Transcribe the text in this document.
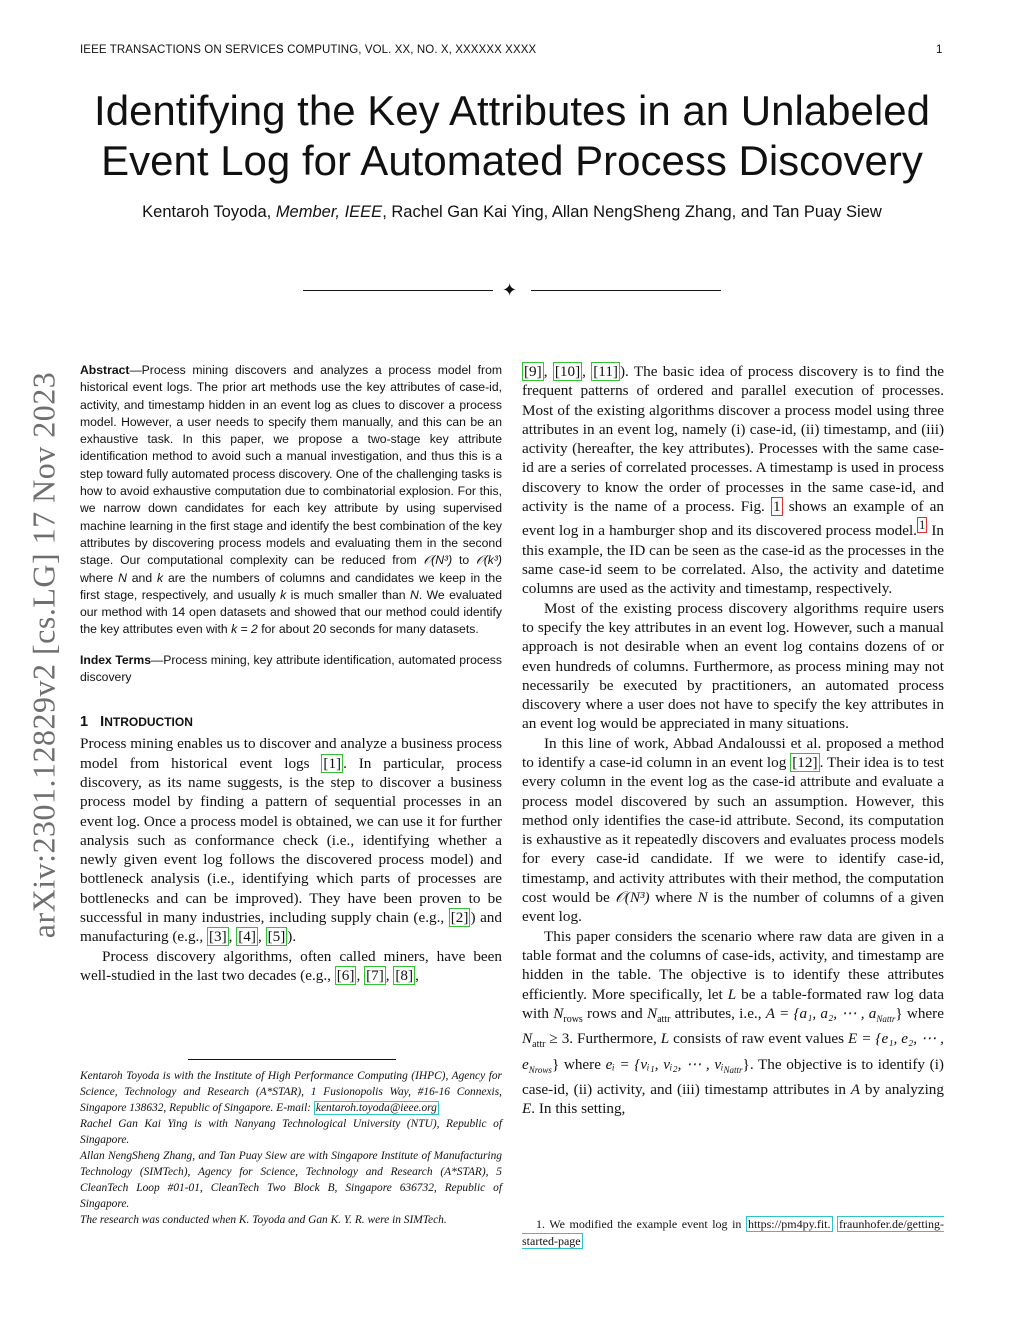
IEEE TRANSACTIONS ON SERVICES COMPUTING, VOL. XX, NO. X, XXXXXX XXXX	1
Identifying the Key Attributes in an Unlabeled
Event Log for Automated Process Discovery
Kentaroh Toyoda, Member, IEEE, Rachel Gan Kai Ying, Allan NengSheng Zhang, and Tan Puay Siew
✦
arXiv:2301.12829v2 [cs.LG] 17 Nov 2023

Abstract—Process mining discovers and analyzes a process model from historical event logs. The prior art methods use the key attributes of case-id, activity, and timestamp hidden in an event log as clues to discover a process model. However, a user needs to specify them manually, and this can be an exhaustive task. In this paper, we propose a two-stage key attribute identification method to avoid such a manual investigation, and thus this is a step toward fully automated process discovery. One of the challenging tasks is how to avoid exhaustive computation due to combinatorial explosion. For this, we narrow down candidates for each key attribute by using supervised machine learning in the first stage and identify the best combination of the key attributes by discovering process models and evaluating them in the second stage. Our computational complexity can be reduced from 𝒪(N³) to 𝒪(k³) where N and k are the numbers of columns and candidates we keep in the first stage, respectively, and usually k is much smaller than N. We evaluated our method with 14 open datasets and showed that our method could identify the key attributes even with k = 2 for about 20 seconds for many datasets.

Index Terms—Process mining, key attribute identification, automated process discovery

1 INTRODUCTION

Process mining enables us to discover and analyze a business process model from historical event logs [1] . In particular, process discovery, as its name suggests, is the step to discover a business process model by finding a pattern of sequential processes in an event log. Once a process model is obtained, we can use it for further analysis such as conformance check (i.e., identifying whether a newly given event log follows the discovered process model) and bottleneck analysis (i.e., identifying which parts of processes are bottlenecks and can be improved). They have been proven to be successful in many industries, including supply chain (e.g., [2] ) and manufacturing (e.g., [3] , [4] , [5] ).

Process discovery algorithms, often called miners, have been well-studied in the last two decades (e.g., [6] , [7] , [8] ,

Kentaroh Toyoda is with the Institute of High Performance Computing (IHPC), Agency for Science, Technology and Research (A*STAR), 1 Fusionopolis Way, #16-16 Connexis, Singapore 138632, Republic of Singapore. E-mail: kentaroh.toyoda@ieee.org

Rachel Gan Kai Ying is with Nanyang Technological University (NTU), Republic of Singapore.

Allan NengSheng Zhang, and Tan Puay Siew are with Singapore Institute of Manufacturing Technology (SIMTech), Agency for Science, Technology and Research (A*STAR), 5 CleanTech Loop #01-01, CleanTech Two Block B, Singapore 636732, Republic of Singapore.

The research was conducted when K. Toyoda and Gan K. Y. R. were in SIMTech.

[9] , [10] , [11] ). The basic idea of process discovery is to find the frequent patterns of ordered and parallel execution of processes. Most of the existing algorithms discover a process model using three attributes in an event log, namely (i) case-id, (ii) timestamp, and (iii) activity (hereafter, the key attributes). Processes with the same case-id are a series of correlated processes. A timestamp is used in process discovery to know the order of processes in the same case-id, and activity is the name of a process. Fig. 1 shows an example of an event log in a hamburger shop and its discovered process model. $^1$ In this example, the ID can be seen as the case-id as the processes in the same case-id seem to be correlated. Also, the activity and datetime columns are used as the activity and timestamp, respectively.

Most of the existing process discovery algorithms require users to specify the key attributes in an event log. However, such a manual approach is not desirable when an event log contains dozens of or even hundreds of columns. Furthermore, as process mining may not necessarily be executed by practitioners, an automated process discovery where a user does not have to specify the key attributes in an event log would be appreciated in many situations.

In this line of work, Abbad Andaloussi et al. proposed a method to identify a case-id column in an event log [12] . Their idea is to test every column in the event log as the case-id attribute and evaluate a process model discovered by such an assumption. However, this method only identifies the case-id attribute. Second, its computation is exhaustive as it repeatedly discovers and evaluates process models for every case-id candidate. If we were to identify case-id, timestamp, and activity attributes with their method, the computation cost would be 𝒪(N³) where N is the number of columns of a given event log.

This paper considers the scenario where raw data are given in a table format and the columns of case-ids, activity, and timestamp are hidden in the table. The objective is to identify these attributes efficiently. More specifically, let L be a table-formated raw log data with $N_{rows}$ rows and $N_{attr}$ attributes, i.e., A = {a₁, a₂, ⋯ , $a_{Nattr}$} where $N_{attr} \ge 3$. Furthermore, L consists of raw event values E = {e₁, e₂, ⋯ , $e_{Nrows}$} where eᵢ = {vᵢ₁, vᵢ₂, ⋯ , vᵢ$_{Nattr}$}. The objective is to identify (i) case-id, (ii) activity, and (iii) timestamp attributes in A by analyzing E. In this setting,

1. We modified the example event log in https://pm4py.fit. fraunhofer.de/getting-started-page
